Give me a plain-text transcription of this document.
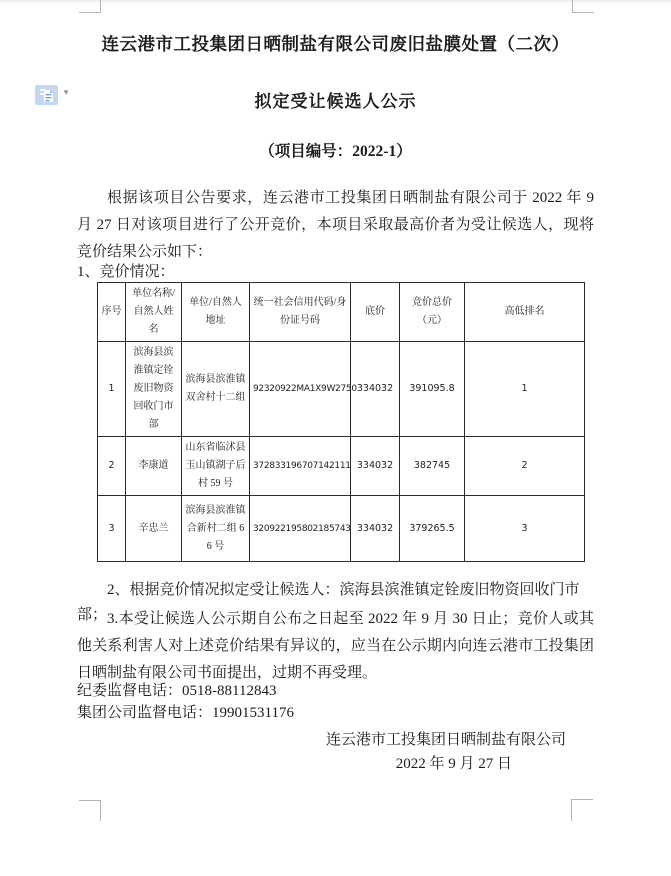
▾
连云港市工投集团日晒制盐有限公司废旧盐膜处置（二次）
拟定受让候选人公示
（项目编号：2022-1）

根据该项目公告要求，连云港市工投集团日晒制盐有限公司于 2022 年 9 月 27 日对该项目进行了公开竞价，本项目采取最高价者为受让候选人，现将竞价结果公示如下：

1、竞价情况：
序号	单位名称/自然人姓名	单位/自然人地址	统一社会信用代码/身份证号码	底价	竞价总价（元）	高低排名
1	滨海县滨淮镇定铨废旧物资回收门市部	滨海县滨淮镇双舍村十二组	92320922MA1X9W2750	334032	391095.8	1
2	李康道	山东省临沭县玉山镇湖子后村 59 号	372833196707142111	334032	382745	2
3	辛忠兰	滨海县滨淮镇合新村二组 66 号	320922195802185743	334032	379265.5	3

2、根据竞价情况拟定受让候选人：滨海县滨淮镇定铨废旧物资回收门市部； 3.本受让候选人公示期自公布之日起至 2022 年 9 月 30 日止；竞价人或其他关系利害人对上述竞价结果有异议的，应当在公示期内向连云港市工投集团日晒制盐有限公司书面提出，过期不再受理。

纪委监督电话：0518-88112843
集团公司监督电话：19901531176
连云港市工投集团日晒制盐有限公司
2022 年 9 月 27 日
